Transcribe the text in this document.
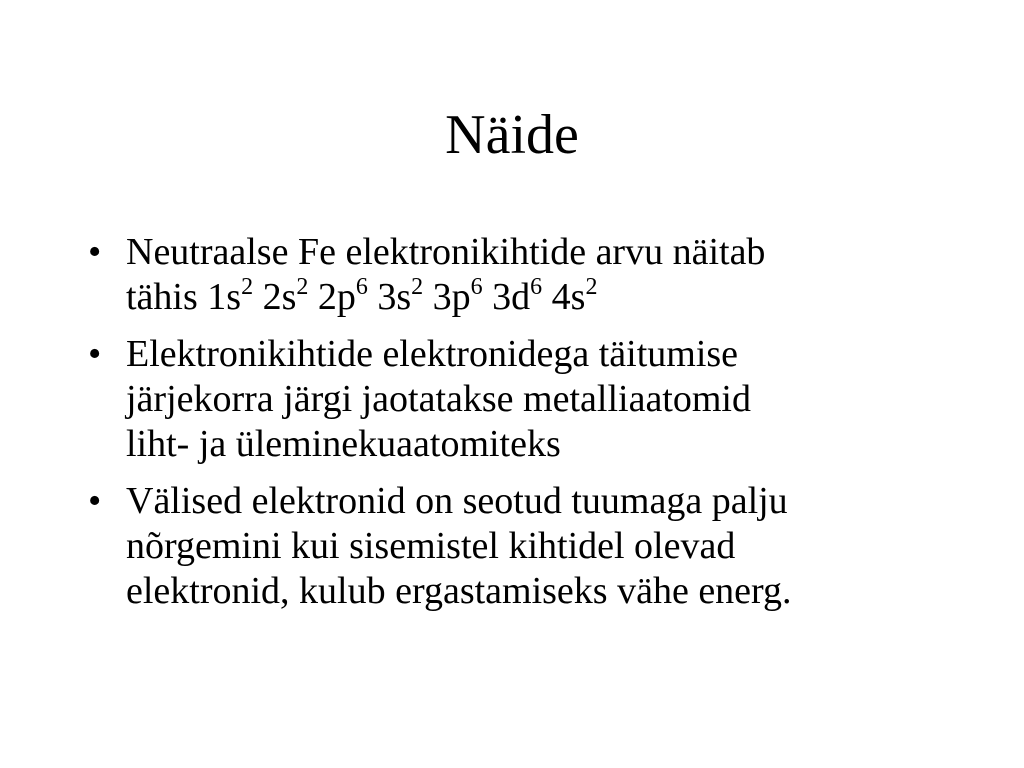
Näide
• Neutraalse Fe elektronikihtide arvu näitab
tähis $1s^2$ $2s^2$ $2p^6$ $3s^2$ $3p^6$ $3d^6$ $4s^2$
• Elektronikihtide elektronidega täitumise
järjekorra järgi jaotatakse metalliaatomid
liht- ja üleminekuaatomiteks
• Välised elektronid on seotud tuumaga palju
nõrgemini kui sisemistel kihtidel olevad
elektronid, kulub ergastamiseks vähe energ.
